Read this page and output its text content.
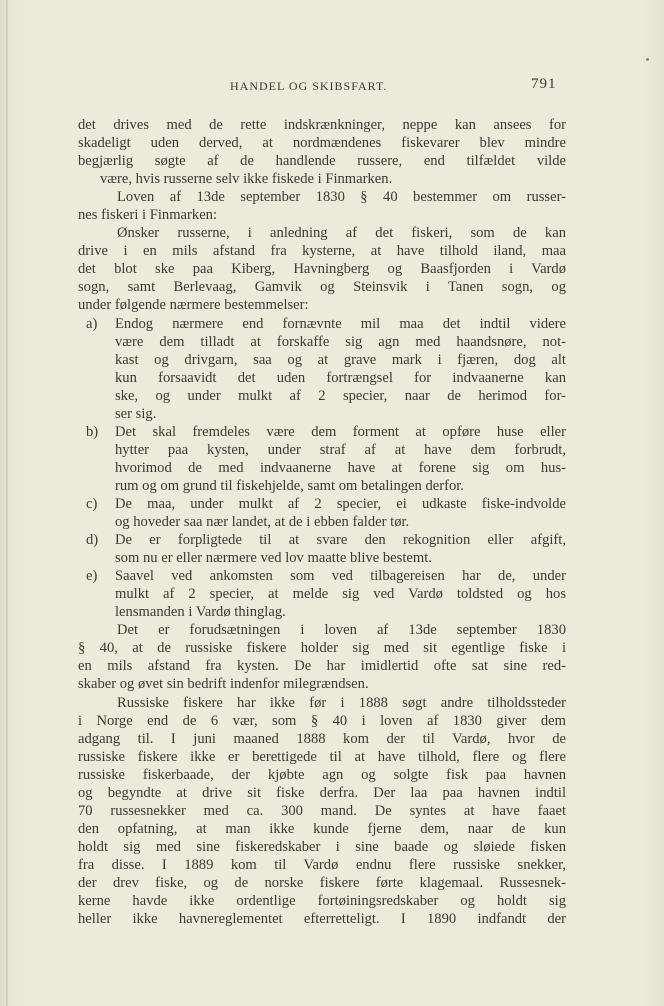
HANDEL OG SKIBSFART.	791
det drives med de rette indskrænkninger, neppe kan ansees for
skadeligt uden derved, at nordmændenes fiskevarer blev mindre
begjærlig søgte af de handlende russere, end tilfældet vilde
være, hvis russerne selv ikke fiskede i Finmarken.
Loven af 13de september 1830 § 40 bestemmer om russer-
nes fiskeri i Finmarken:
Ønsker russerne, i anledning af det fiskeri, som de kan
drive i en mils afstand fra kysterne, at have tilhold iland, maa
det blot ske paa Kiberg, Havningberg og Baasfjorden i Vardø
sogn, samt Berlevaag, Gamvik og Steinsvik i Tanen sogn, og
under følgende nærmere bestemmelser:
a)	Endog nærmere end fornævnte mil maa det indtil videre
være dem tilladt at forskaffe sig agn med haandsnøre, not-
kast og drivgarn, saa og at grave mark i fjæren, dog alt
kun forsaavidt det uden fortrængsel for indvaanerne kan
ske, og under mulkt af 2 specier, naar de herimod for-
ser sig.
b)	Det skal fremdeles være dem forment at opføre huse eller
hytter paa kysten, under straf af at have dem forbrudt,
hvorimod de med indvaanerne have at forene sig om hus-
rum og om grund til fiskehjelde, samt om betalingen derfor.
c)	De maa, under mulkt af 2 specier, ei udkaste fiske-indvolde
og hoveder saa nær landet, at de i ebben falder tør.
d)	De er forpligtede til at svare den rekognition eller afgift,
som nu er eller nærmere ved lov maatte blive bestemt.
e)	Saavel ved ankomsten som ved tilbagereisen har de, under
mulkt af 2 specier, at melde sig ved Vardø toldsted og hos
lensmanden i Vardø thinglag.
Det er forudsætningen i loven af 13de september 1830
§ 40, at de russiske fiskere holder sig med sit egentlige fiske i
en mils afstand fra kysten. De har imidlertid ofte sat sine red-
skaber og øvet sin bedrift indenfor milegrændsen.
Russiske fiskere har ikke før i 1888 søgt andre tilholdssteder
i Norge end de 6 vær, som § 40 i loven af 1830 giver dem
adgang til. I juni maaned 1888 kom der til Vardø, hvor de
russiske fiskere ikke er berettigede til at have tilhold, flere og flere
russiske fiskerbaade, der kjøbte agn og solgte fisk paa havnen
og begyndte at drive sit fiske derfra. Der laa paa havnen indtil
70 russesnekker med ca. 300 mand. De syntes at have faaet
den opfatning, at man ikke kunde fjerne dem, naar de kun
holdt sig med sine fiskeredskaber i sine baade og sløiede fisken
fra disse. I 1889 kom til Vardø endnu flere russiske snekker,
der drev fiske, og de norske fiskere førte klagemaal. Russesnek-
kerne havde ikke ordentlige fortøiningsredskaber og holdt sig
heller ikke havnereglementet efterretteligt. I 1890 indfandt der
